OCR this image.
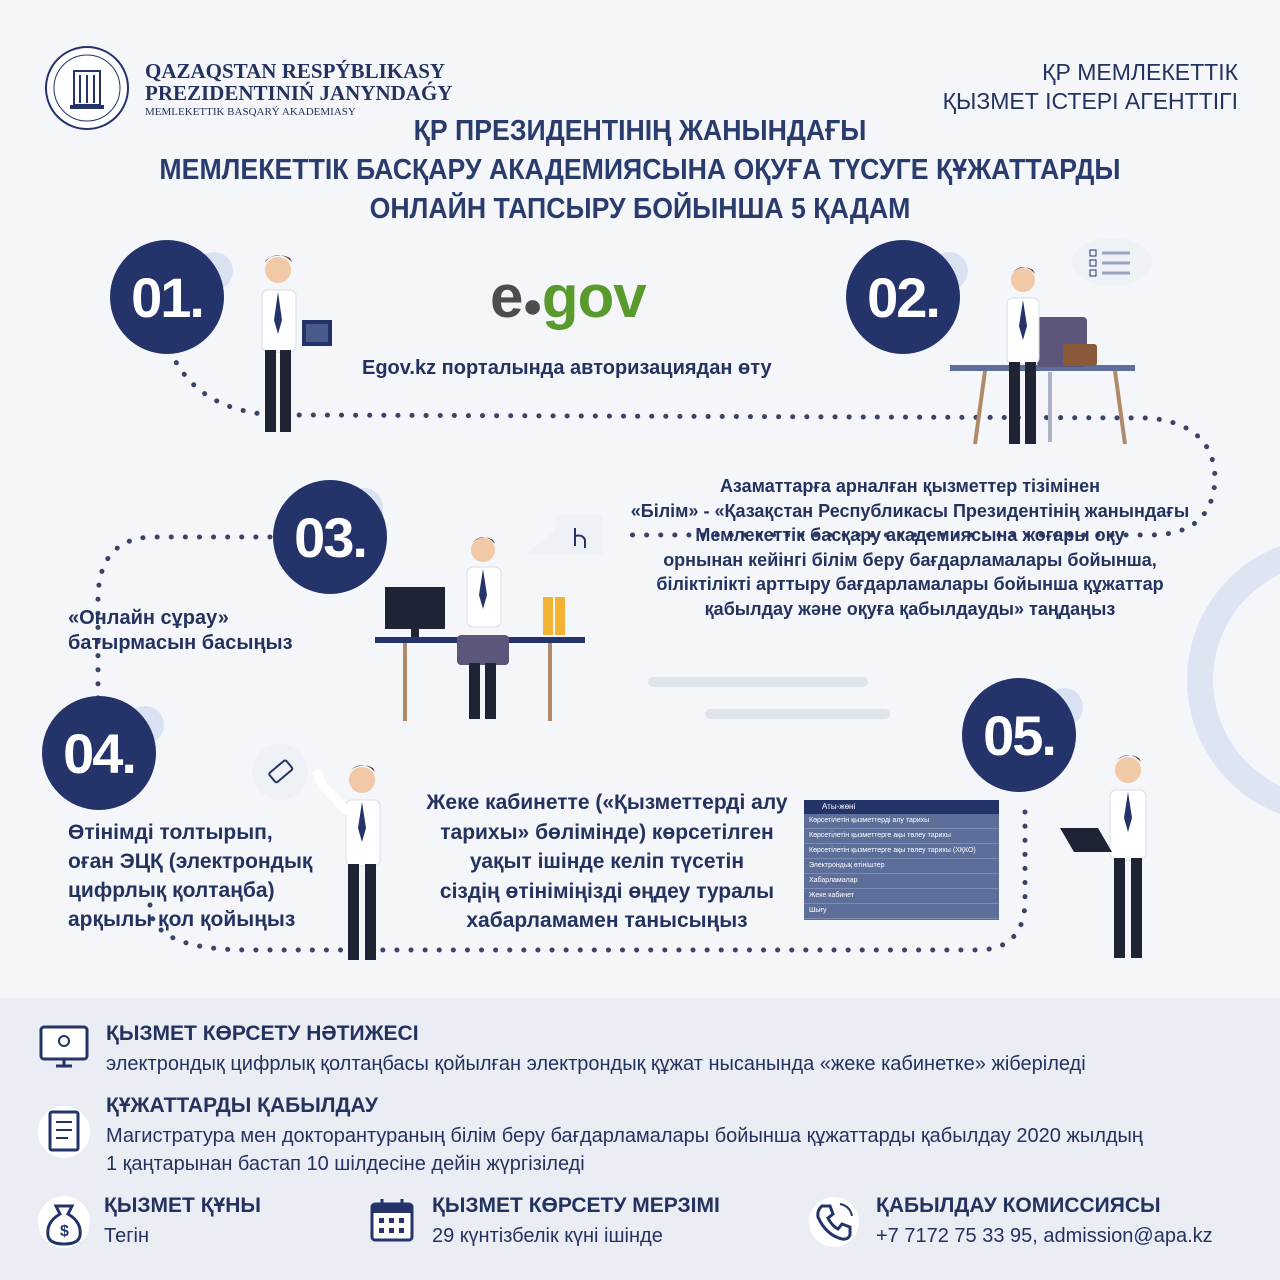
QAZAQSTAN RESPÝBLIKASY
PREZIDENTINIŃ JANYNDAǴY
MEMLEKETTIK BASQARÝ AKADEMIASY
ҚР МЕМЛЕКЕТТІК
ҚЫЗМЕТ ІСТЕРІ АГЕНТТІГІ
ҚР ПРЕЗИДЕНТІНІҢ ЖАНЫНДАҒЫ
МЕМЛЕКЕТТІК БАСҚАРУ АКАДЕМИЯСЫНА ОҚУҒА ТҮСУГЕ ҚҰЖАТТАРДЫ
ОНЛАЙН ТАПСЫРУ БОЙЫНША 5 ҚАДАМ
01.	e●gov
Egov.kz порталында авторизациядан өту
02.
Азаматтарға арналған қызметтер тізімінен
«Білім» - «Қазақстан Республикасы Президентінің жанындағы
Мемлекеттік басқару академиясына жоғары оқу
орнынан кейінгі білім беру бағдарламалары бойынша,
біліктілікті арттыру бағдарламалары бойынша құжаттар
қабылдау және оқуға қабылдауды» таңдаңыз
03.
«Онлайн сұрау»
батырмасын басыңыз
04.
Өтінімді толтырып,
оған ЭЦҚ (электрондық
цифрлық қолтаңба)
арқылы қол қойыңыз
05.
Жеке кабинетте («Қызметтерді алу
тарихы» бөлімінде) көрсетілген
уақыт ішінде келіп түсетін
сіздің өтініміңізді өңдеу туралы
хабарламамен танысыңыз
Аты-жөні
Көрсетілетін қызметтерді алу тарихы
Көрсетілетін қызметтерге ақы төлеу тарихы
Көрсетілетін қызметтерге ақы төлеу тарихы (ХҚКО)
Электрондық өтініштер
Хабарламалар
Жеке кабинет
Шығу
ҚЫЗМЕТ КӨРСЕТУ НӘТИЖЕСІ
электрондық цифрлық қолтаңбасы қойылған электрондық құжат нысанында «жеке кабинетке» жіберіледі
ҚҰЖАТТАРДЫ ҚАБЫЛДАУ
Магистратура мен докторантураның білім беру бағдарламалары бойынша құжаттарды қабылдау 2020 жылдың
1 қаңтарынан бастап 10 шілдесіне дейін жүргізіледі
$
ҚЫЗМЕТ ҚҰНЫ
Тегін
ҚЫЗМЕТ КӨРСЕТУ МЕРЗІМІ
29 күнтізбелік күні ішінде
ҚАБЫЛДАУ КОМИССИЯСЫ
+7 7172 75 33 95, admission@apa.kz
